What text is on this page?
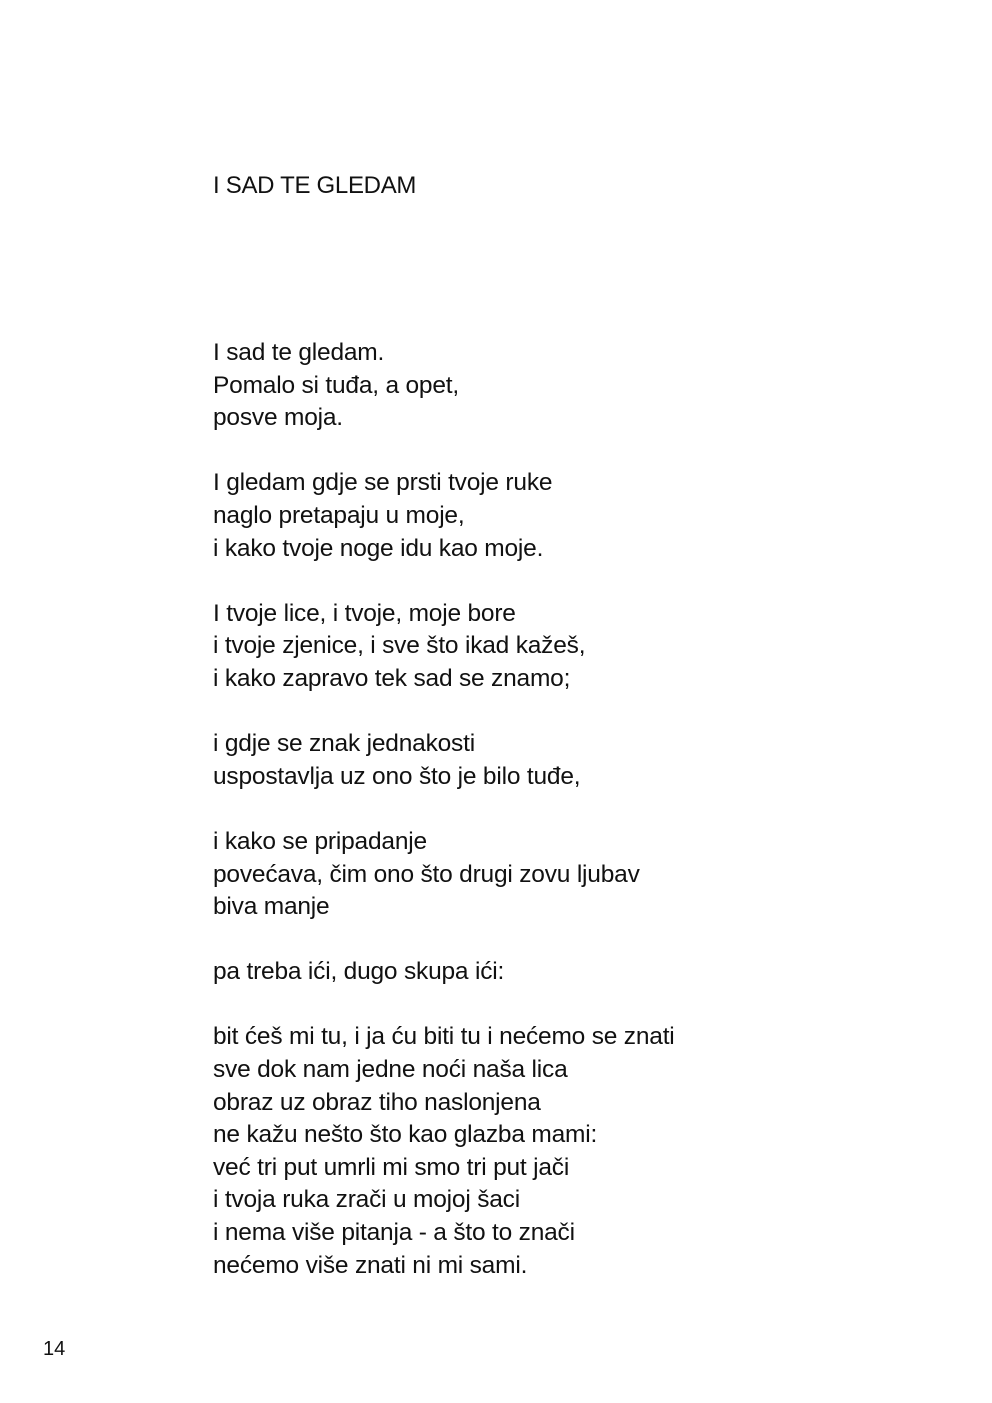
I SAD TE GLEDAM
I sad te gledam.
Pomalo si tuđa, a opet,
posve moja.
I gledam gdje se prsti tvoje ruke
naglo pretapaju u moje,
i kako tvoje noge idu kao moje.
I tvoje lice, i tvoje, moje bore
i tvoje zjenice, i sve što ikad kažeš,
i kako zapravo tek sad se znamo;
i gdje se znak jednakosti
uspostavlja uz ono što je bilo tuđe,
i kako se pripadanje
povećava, čim ono što drugi zovu ljubav
biva manje
pa treba ići, dugo skupa ići:
bit ćeš mi tu, i ja ću biti tu i nećemo se znati
sve dok nam jedne noći naša lica
obraz uz obraz tiho naslonjena
ne kažu nešto što kao glazba mami:
već tri put umrli mi smo tri put jači
i tvoja ruka zrači u mojoj šaci
i nema više pitanja - a što to znači
nećemo više znati ni mi sami.
14
